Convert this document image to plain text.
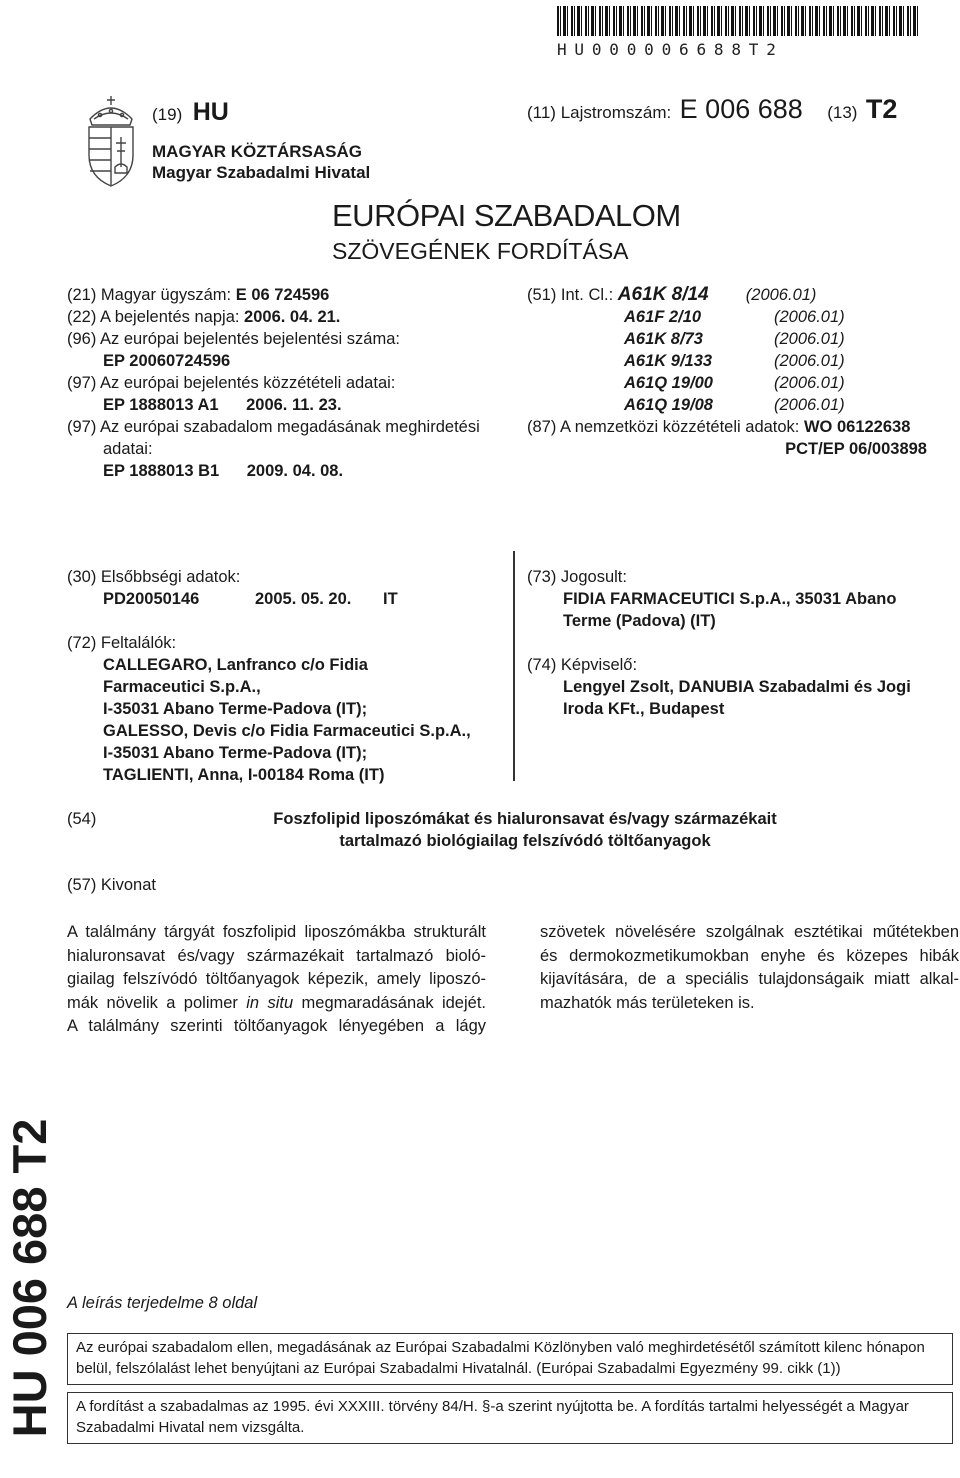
HU000006688T2
(19) HU
MAGYAR KÖZTÁRSASÁG
Magyar Szabadalmi Hivatal
(11) Lajstromszám: E 006 688 (13) T2
EURÓPAI SZABADALOM
SZÖVEGÉNEK FORDÍTÁSA
(21) Magyar ügyszám: E 06 724596
(22) A bejelentés napja: 2006. 04. 21.
(96) Az európai bejelentés bejelentési száma:
EP 20060724596
(97) Az európai bejelentés közzétételi adatai:
EP 1888013 A1      2006. 11. 23.
(97) Az európai szabadalom megadásának meghirdetési
adatai:
EP 1888013 B1      2009. 04. 08.
(51) Int. Cl.: A61K 8/14 (2006.01)
A61F 2/10	(2006.01)
A61K 8/73	(2006.01)
A61K 9/133	(2006.01)
A61Q 19/00	(2006.01)
A61Q 19/08	(2006.01)
(87) A nemzetközi közzétételi adatok: WO 06122638
PCT/EP 06/003898
(30) Elsőbbségi adatok:
PD20050146	2005. 05. 20. IT
(72) Feltalálók:
CALLEGARO, Lanfranco c/o Fidia
Farmaceutici S.p.A.,
I-35031 Abano Terme-Padova (IT);
GALESSO, Devis c/o Fidia Farmaceutici S.p.A.,
I-35031 Abano Terme-Padova (IT);
TAGLIENTI, Anna, I-00184 Roma (IT)
(73) Jogosult:
FIDIA FARMACEUTICI S.p.A., 35031 Abano
Terme (Padova) (IT)
(74) Képviselő:
Lengyel Zsolt, DANUBIA Szabadalmi és Jogi
Iroda KFt., Budapest
(54)	Foszfolipid liposzómákat és hialuronsavat és/vagy származékait
tartalmazó biológiailag felszívódó töltőanyagok
(57) Kivonat
A találmány tárgyát foszfolipid liposzómákba strukturált
hialuronsavat és/vagy származékait tartalmazó bioló-
giailag felszívódó töltőanyagok képezik, amely liposzó-
mák növelik a polimer in situ megmaradásának idejét.
A találmány szerinti töltőanyagok lényegében a lágy
szövetek növelésére szolgálnak esztétikai műtétekben
és dermokozmetikumokban enyhe és közepes hibák
kijavítására, de a speciális tulajdonságaik miatt alkal-
mazhatók más területeken is.
HU 006 688 T2 A leírás terjedelme 8 oldal
Az európai szabadalom ellen, megadásának az Európai Szabadalmi Közlönyben való meghirdetésétől számított kilenc hónapon belül, felszólalást lehet benyújtani az Európai Szabadalmi Hivatalnál. (Európai Szabadalmi Egyezmény 99. cikk (1))
A fordítást a szabadalmas az 1995. évi XXXIII. törvény 84/H. §-a szerint nyújtotta be. A fordítás tartalmi helyességét a Magyar Szabadalmi Hivatal nem vizsgálta.
